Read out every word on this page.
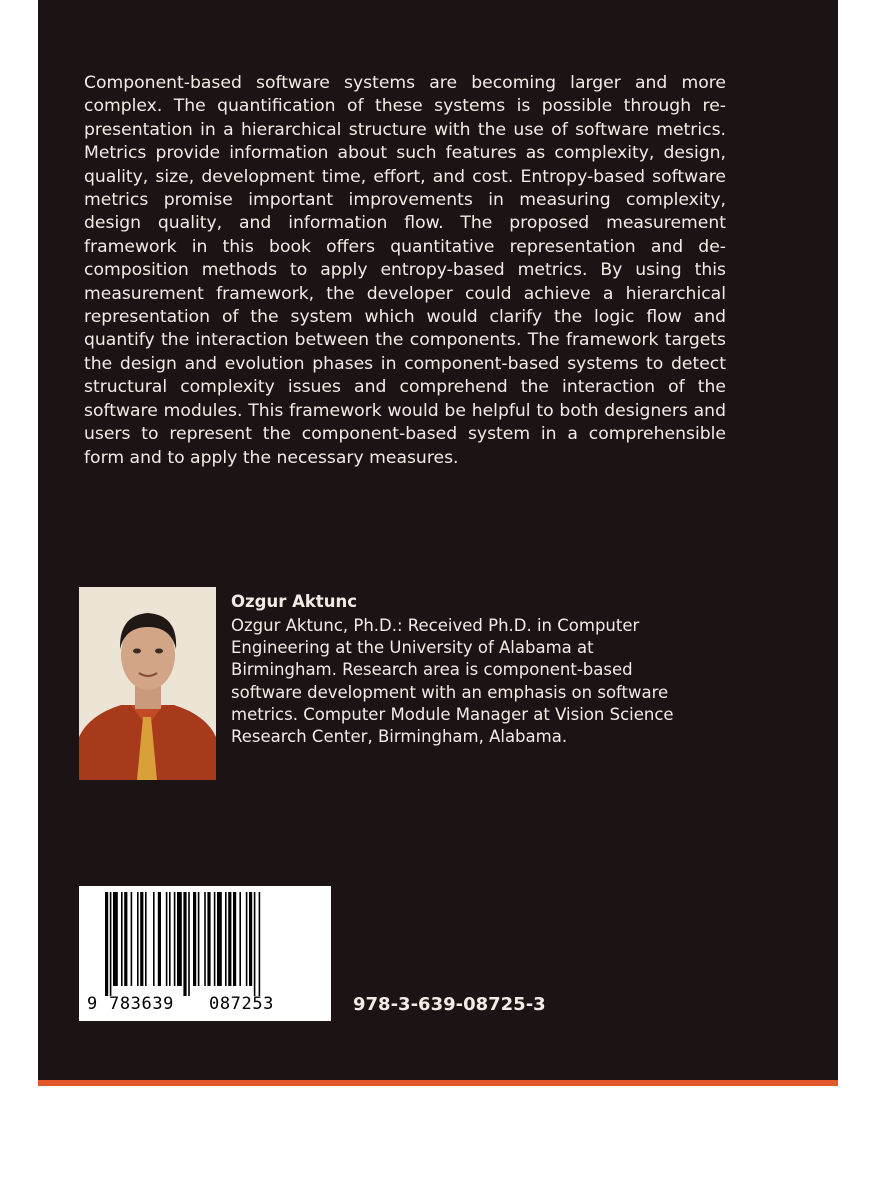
Component-based software systems are becoming larger and more complex. The quantification of these systems is possible through re-presentation in a hierarchical structure with the use of software metrics. Metrics provide information about such features as complexity, design, quality, size, development time, effort, and cost. Entropy-based software metrics promise important improvements in measuring complexity, design quality, and information flow. The proposed measurement framework in this book offers quantitative representation and de-composition methods to apply entropy-based metrics. By using this measurement framework, the developer could achieve a hierarchical representation of the system which would clarify the logic flow and quantify the interaction between the components. The framework targets the design and evolution phases in component-based systems to detect structural complexity issues and comprehend the interaction of the software modules. This framework would be helpful to both designers and users to represent the component-based system in a comprehensible form and to apply the necessary measures.

Ozgur Aktunc

Ozgur Aktunc, Ph.D.: Received Ph.D. in Computer Engineering at the University of Alabama at Birmingham. Research area is component-based software development with an emphasis on software metrics. Computer Module Manager at Vision Science Research Center, Birmingham, Alabama.

9 783639 087253	978-3-639-08725-3
